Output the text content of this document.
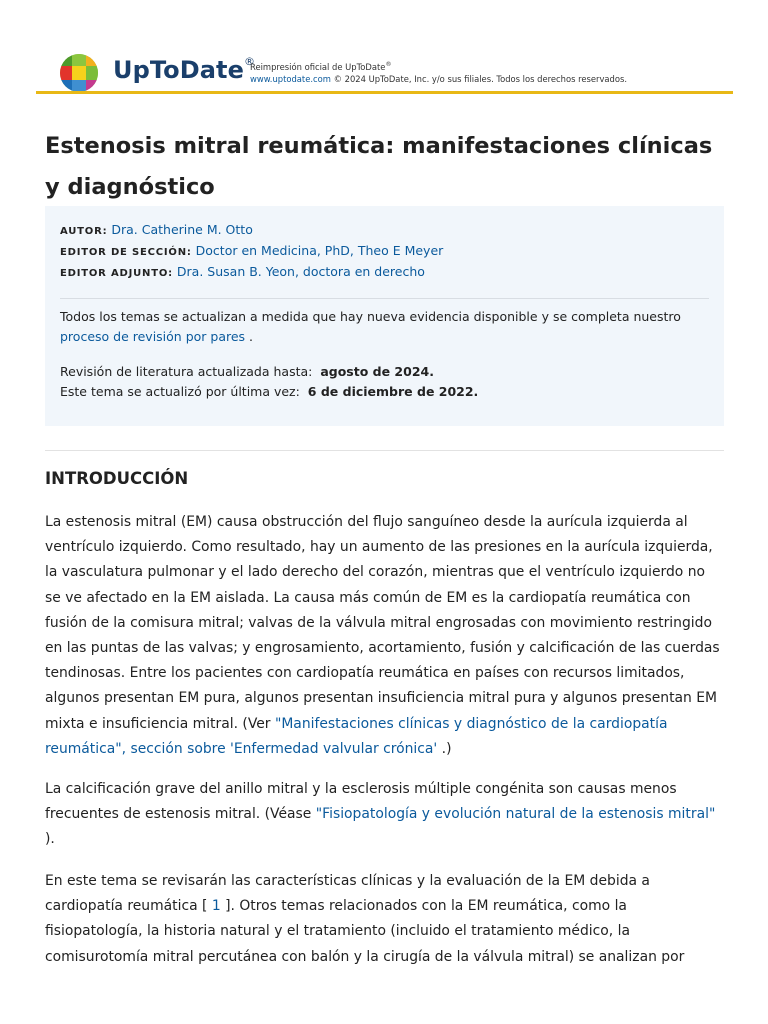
UpToDate®
Reimpresión oficial de UpToDate®
www.uptodate.com © 2024 UpToDate, Inc. y/o sus filiales. Todos los derechos reservados.
Estenosis mitral reumática: manifestaciones clínicas y diagnóstico
AUTOR: Dra. Catherine M. Otto
EDITOR DE SECCIÓN: Doctor en Medicina, PhD, Theo E Meyer
EDITOR ADJUNTO: Dra. Susan B. Yeon, doctora en derecho
Todos los temas se actualizan a medida que hay nueva evidencia disponible y se completa nuestro
proceso de revisión por pares .
Revisión de literatura actualizada hasta: agosto de 2024.
Este tema se actualizó por última vez: 6 de diciembre de 2022.
INTRODUCCIÓN

La estenosis mitral (EM) causa obstrucción del flujo sanguíneo desde la aurícula izquierda al ventrículo izquierdo. Como resultado, hay un aumento de las presiones en la aurícula izquierda, la vasculatura pulmonar y el lado derecho del corazón, mientras que el ventrículo izquierdo no se ve afectado en la EM aislada. La causa más común de EM es la cardiopatía reumática con fusión de la comisura mitral; valvas de la válvula mitral engrosadas con movimiento restringido en las puntas de las valvas; y engrosamiento, acortamiento, fusión y calcificación de las cuerdas tendinosas. Entre los pacientes con cardiopatía reumática en países con recursos limitados, algunos presentan EM pura, algunos presentan insuficiencia mitral pura y algunos presentan EM mixta e insuficiencia mitral. (Ver "Manifestaciones clínicas y diagnóstico de la cardiopatía reumática", sección sobre 'Enfermedad valvular crónica' .)

La calcificación grave del anillo mitral y la esclerosis múltiple congénita son causas menos frecuentes de estenosis mitral. (Véase "Fisiopatología y evolución natural de la estenosis mitral" ).

En este tema se revisarán las características clínicas y la evaluación de la EM debida a cardiopatía reumática [ 1 ]. Otros temas relacionados con la EM reumática, como la fisiopatología, la historia natural y el tratamiento (incluido el tratamiento médico, la comisurotomía mitral percutánea con balón y la cirugía de la válvula mitral) se analizan por
